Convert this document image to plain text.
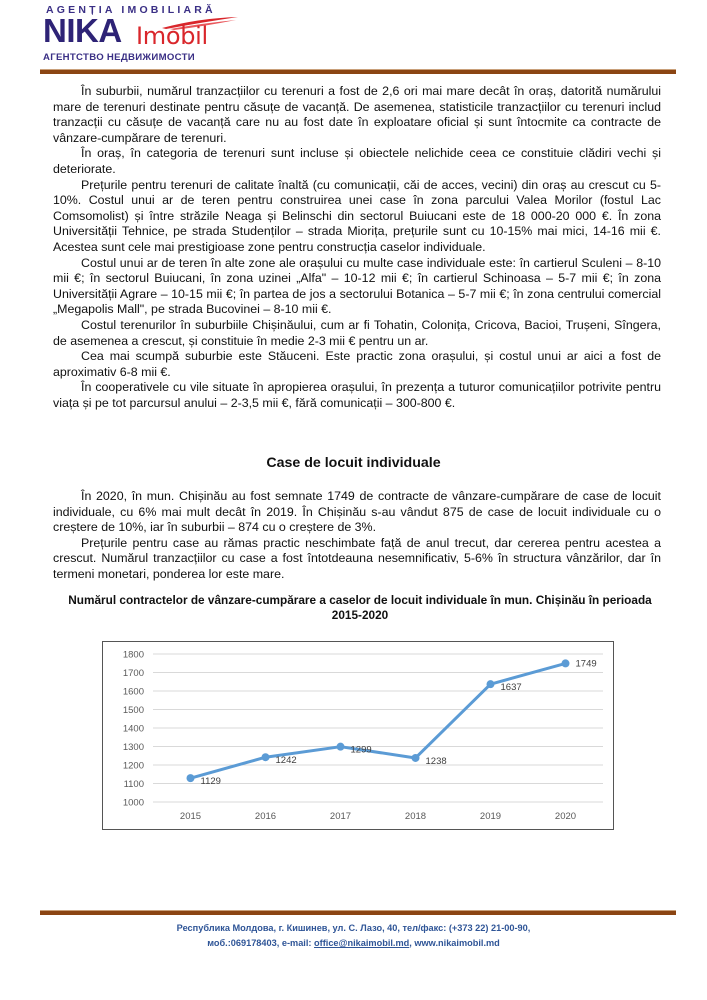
AGENȚIA IMOBILIARĂ
NIKA Imobil
АГЕНТСТВО НЕДВИЖИМОСТИ

În suburbii, numărul tranzacțiilor cu terenuri a fost de 2,6 ori mai mare decât în oraș, datorită numărului mare de terenuri destinate pentru căsuțe de vacanță. De asemenea, statisticile tranzacțiilor cu terenuri includ tranzacții cu căsuțe de vacanță care nu au fost date în exploatare oficial și sunt întocmite ca contracte de vânzare-cumpărare de terenuri.

În oraș, în categoria de terenuri sunt incluse și obiectele nelichide ceea ce constituie clădiri vechi și deteriorate.

Prețurile pentru terenuri de calitate înaltă (cu comunicații, căi de acces, vecini) din oraș au crescut cu 5-10%. Costul unui ar de teren pentru construirea unei case în zona parcului Valea Morilor (fostul Lac Comsomolist) și între străzile Neaga și Belinschi din sectorul Buiucani este de 18 000-20 000 €. În zona Universității Tehnice, pe strada Studenților – strada Miorița, prețurile sunt cu 10-15% mai mici, 14-16 mii €. Acestea sunt cele mai prestigioase zone pentru construcția caselor individuale.

Costul unui ar de teren în alte zone ale orașului cu multe case individuale este: în cartierul Sculeni – 8-10 mii €; în sectorul Buiucani, în zona uzinei „Alfa" – 10-12 mii €; în cartierul Schinoasa – 5-7 mii €; în zona Universității Agrare – 10-15 mii €; în partea de jos a sectorului Botanica – 5-7 mii €; în zona centrului comercial „Megapolis Mall", pe strada Bucovinei – 8-10 mii €.

Costul terenurilor în suburbiile Chișinăului, cum ar fi Tohatin, Colonița, Cricova, Bacioi, Trușeni, Sîngera, de asemenea a crescut, și constituie în medie 2-3 mii € pentru un ar.

Cea mai scumpă suburbie este Stăuceni. Este practic zona orașului, și costul unui ar aici a fost de aproximativ 6-8 mii €.

În cooperativele cu vile situate în apropierea orașului, în prezența a tuturor comunicațiilor potrivite pentru viața și pe tot parcursul anului – 2-3,5 mii €, fără comunicații – 300-800 €.

Case de locuit individuale

În 2020, în mun. Chișinău au fost semnate 1749 de contracte de vânzare-cumpărare de case de locuit individuale, cu 6% mai mult decât în 2019. În Chișinău s-au vândut 875 de case de locuit individuale cu o creștere de 10%, iar în suburbii – 874 cu o creștere de 3%.

Prețurile pentru case au rămas practic neschimbate față de anul trecut, dar cererea pentru acestea a crescut. Numărul tranzacțiilor cu case a fost întotdeauna nesemnificativ, 5-6% în structura vânzărilor, dar în termeni monetari, ponderea lor este mare.

Numărul contractelor de vânzare-cumpărare a caselor de locuit individuale în mun. Chișinău în perioada 2015-2020
1800
1700
1600
1500
1400
1300
1200
1100
1000
2015	2016	2017	2018	2019	2020
1129
1242
1299
1238
1637
1749
Республика Молдова, г. Кишинев, ул. С. Лазо, 40, тел/факс: (+373 22) 21-00-90,
моб.:069178403, e-mail: office@nikaimobil.md, www.nikaimobil.md
